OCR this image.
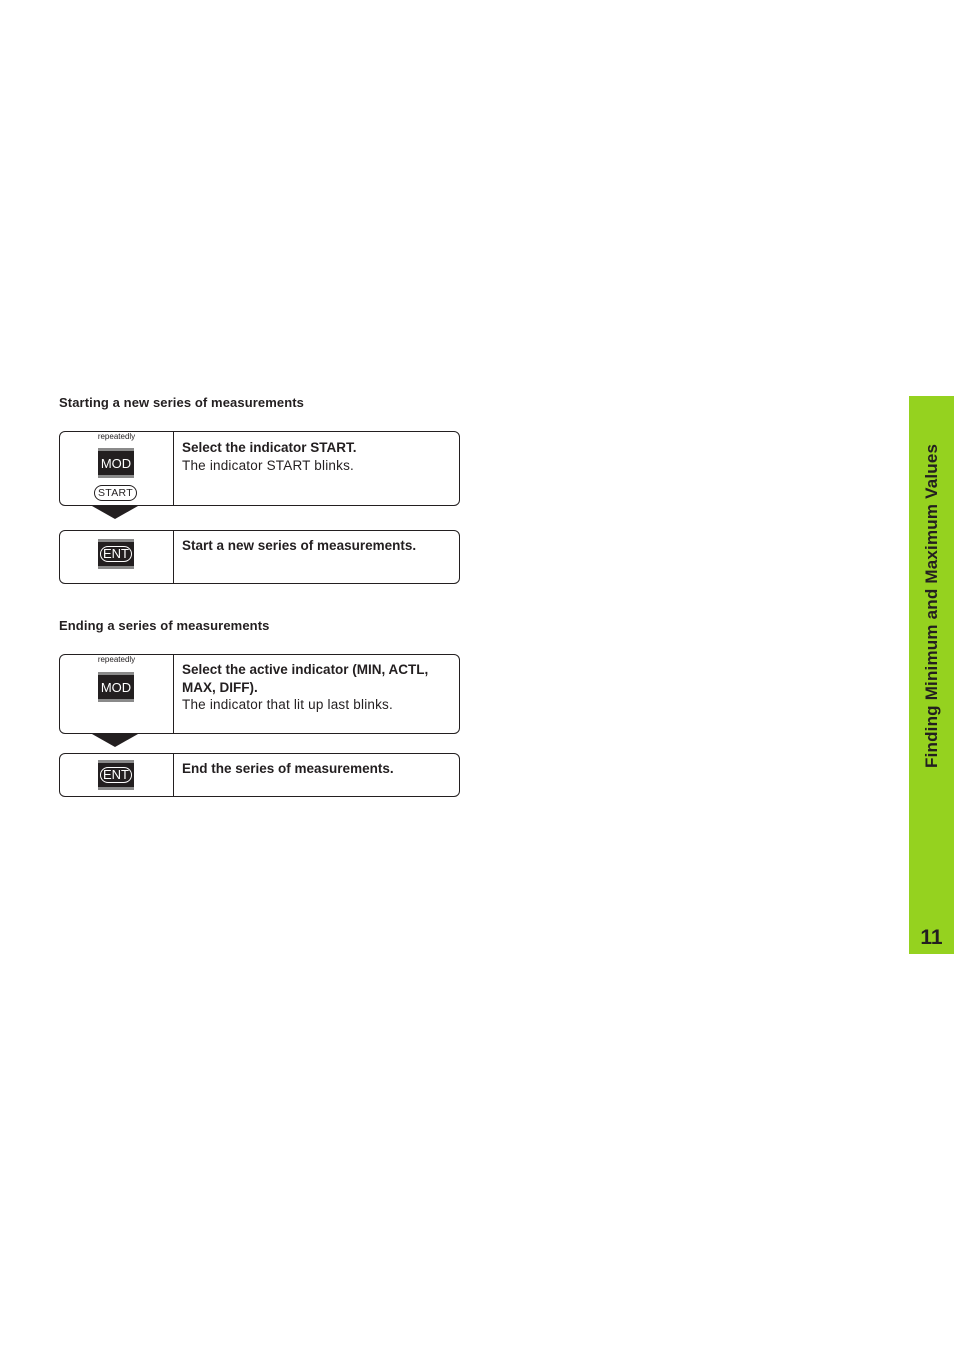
Starting a new series of measurements
repeatedly
MOD
START
Select the indicator START.
The indicator START blinks.
ENT
Start a new series of measurements.
Ending a series of measurements
repeatedly
MOD
Select the active indicator (MIN, ACTL, MAX, DIFF).
The indicator that lit up last blinks.
ENT	End the series of measurements.
Finding Minimum and Maximum Values
11
